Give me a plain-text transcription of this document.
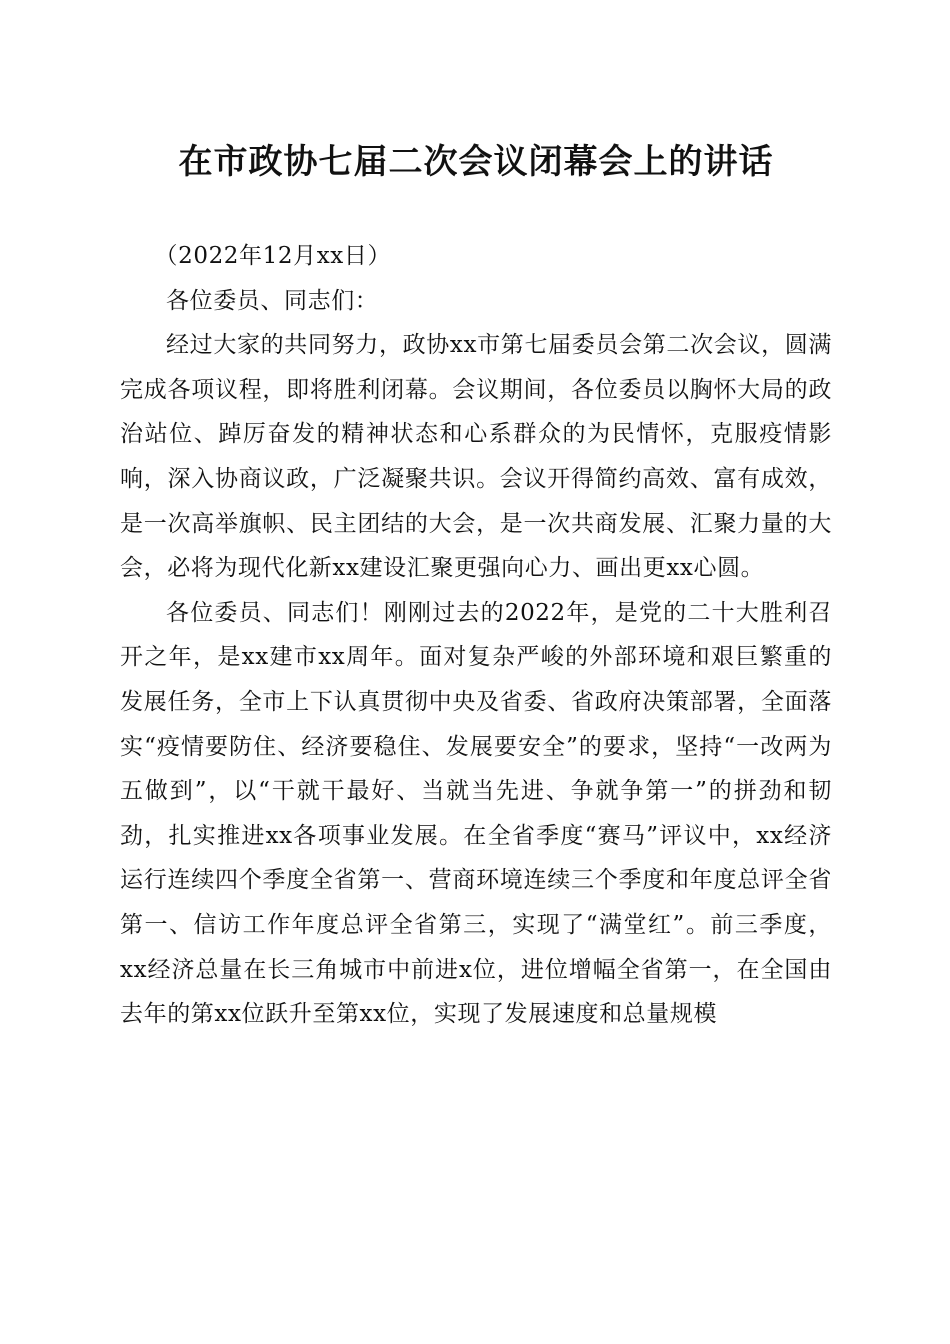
在市政协七届二次会议闭幕会上的讲话

（2022年12月xx日）

各位委员、同志们：

经过大家的共同努力，政协xx市第七届委员会第二次会议，圆满完成各项议程，即将胜利闭幕。会议期间，各位委员以胸怀大局的政治站位、踔厉奋发的精神状态和心系群众的为民情怀，克服疫情影响，深入协商议政，广泛凝聚共识。会议开得简约高效、富有成效，是一次高举旗帜、民主团结的大会，是一次共商发展、汇聚力量的大会，必将为现代化新xx建设汇聚更强向心力、画出更xx心圆。

各位委员、同志们！刚刚过去的2022年，是党的二十大胜利召开之年，是xx建市xx周年。面对复杂严峻的外部环境和艰巨繁重的发展任务，全市上下认真贯彻中央及省委、省政府决策部署，全面落实“疫情要防住、经济要稳住、发展要安全”的要求，坚持“一改两为五做到”，以“干就干最好、当就当先进、争就争第一”的拼劲和韧劲，扎实推进xx各项事业发展。在全省季度“赛马”评议中，xx经济运行连续四个季度全省第一、营商环境连续三个季度和年度总评全省第一、信访工作年度总评全省第三，实现了“满堂红”。前三季度，xx经济总量在长三角城市中前进x位，进位增幅全省第一，在全国由去年的第xx位跃升至第xx位，实现了发展速度和总量规模
